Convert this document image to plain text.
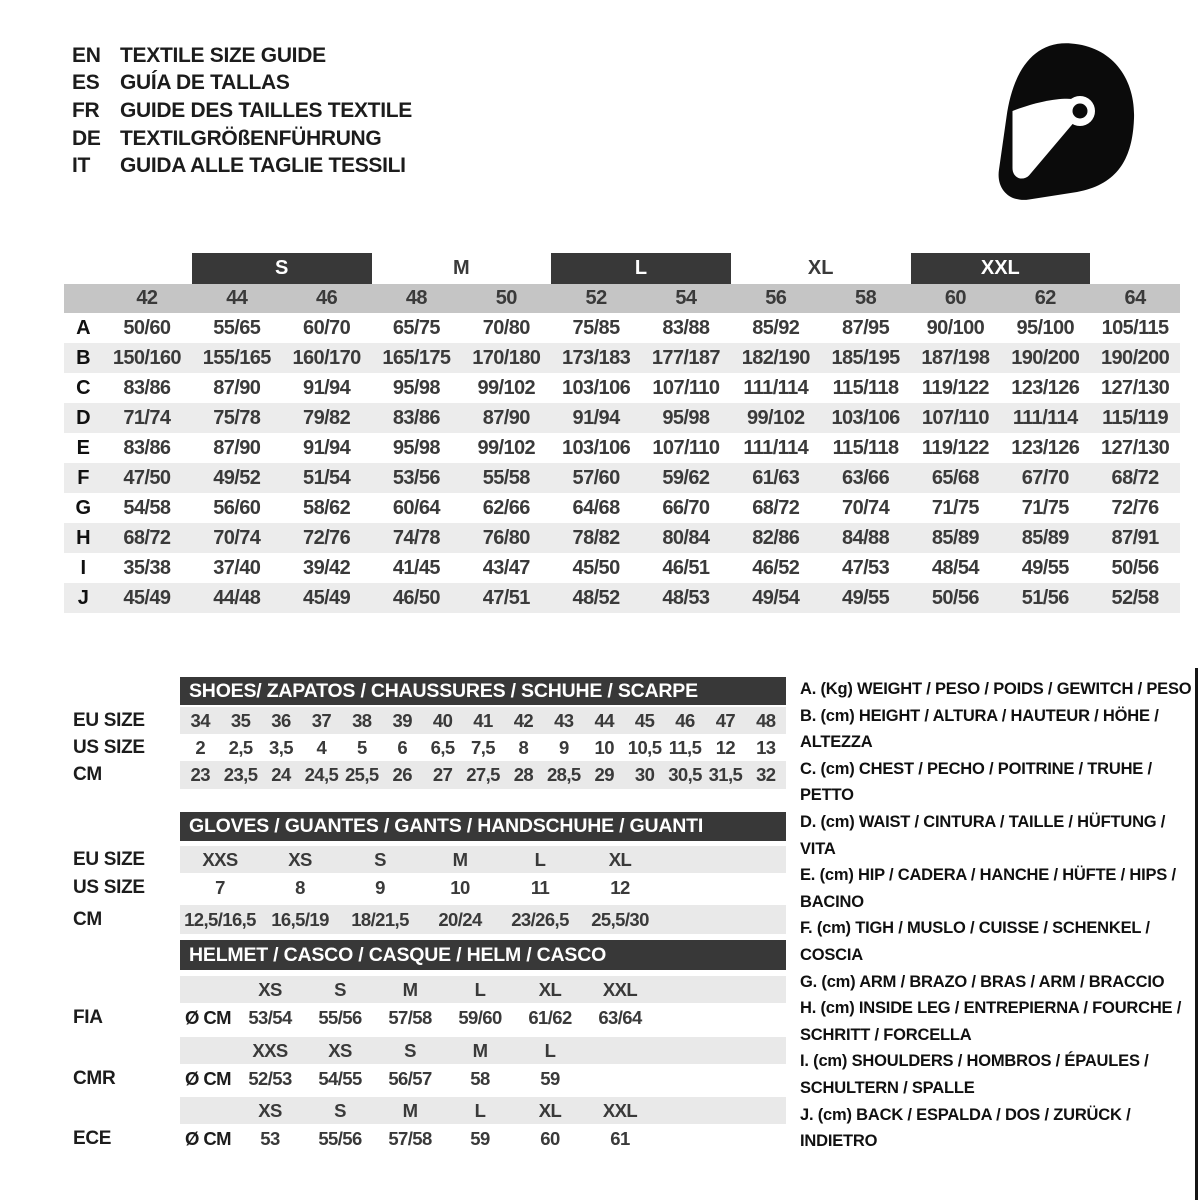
EN TEXTILE SIZE GUIDE
ES GUÍA DE TALLAS
FR GUIDE DES TAILLES TEXTILE
DE TEXTILGRÖßENFÜHRUNG
IT	GUIDA ALLE TAGLIE TESSILI
S	M	L	XL	XXL
42	44	46	48	50	52	54	56	58	60	62	64
A	50/60	55/65	60/70	65/75	70/80	75/85	83/88	85/92	87/95	90/100	95/100	105/115
B	150/160	155/165	160/170	165/175	170/180	173/183	177/187	182/190	185/195	187/198	190/200	190/200
C	83/86	87/90	91/94	95/98	99/102	103/106	107/110	111/114	115/118	119/122	123/126	127/130
D	71/74	75/78	79/82	83/86	87/90	91/94	95/98	99/102	103/106	107/110	111/114	115/119
E	83/86	87/90	91/94	95/98	99/102	103/106	107/110	111/114	115/118	119/122	123/126	127/130
F	47/50	49/52	51/54	53/56	55/58	57/60	59/62	61/63	63/66	65/68	67/70	68/72
G	54/58	56/60	58/62	60/64	62/66	64/68	66/70	68/72	70/74	71/75	71/75	72/76
H	68/72	70/74	72/76	74/78	76/80	78/82	80/84	82/86	84/88	85/89	85/89	87/91
I	35/38	37/40	39/42	41/45	43/47	45/50	46/51	46/52	47/53	48/54	49/55	50/56
J	45/49	44/48	45/49	46/50	47/51	48/52	48/53	49/54	49/55	50/56	51/56	52/58
SHOES/ ZAPATOS / CHAUSSURES / SCHUHE / SCARPE
EU SIZE	34	35	36	37	38	39	40	41	42	43	44	45	46	47	48
US SIZE	2	2,5 3,5	4	5	6	6,5 7,5	8	9	10 10,5 11,5 12	13
CM	23 23,5 24 24,5 25,5 26	27 27,5 28 28,5 29	30 30,5 31,5 32
GLOVES / GUANTES / GANTS / HANDSCHUHE / GUANTI
EU SIZE	XXS	XS	S	M	L	XL
US SIZE	7	8	9	10	11	12
CM	12,5/16,5 16,5/19	18/21,5	20/24	23/26,5	25,5/30
HELMET / CASCO / CASQUE / HELM / CASCO
XS	S	M	L	XL	XXL
FIA	Ø CM 53/54	55/56	57/58	59/60	61/62	63/64
XXS	XS	S	M	L
CMR	Ø CM 52/53	54/55	56/57	58	59
XS	S	M	L	XL	XXL
ECE	Ø CM	53	55/56	57/58	59	60	61
A. (Kg) WEIGHT / PESO / POIDS / GEWITCH / PESO
B. (cm) HEIGHT / ALTURA / HAUTEUR / HÖHE / ALTEZZA
C. (cm) CHEST / PECHO / POITRINE / TRUHE / PETTO
D. (cm) WAIST / CINTURA / TAILLE / HÜFTUNG / VITA
E. (cm) HIP / CADERA / HANCHE / HÜFTE / HIPS / BACINO
F. (cm) TIGH / MUSLO / CUISSE / SCHENKEL / COSCIA
G. (cm) ARM / BRAZO / BRAS / ARM / BRACCIO
H. (cm) INSIDE LEG / ENTREPIERNA / FOURCHE / SCHRITT / FORCELLA
I. (cm) SHOULDERS / HOMBROS / ÉPAULES / SCHULTERN / SPALLE
J. (cm) BACK / ESPALDA / DOS / ZURÜCK / INDIETRO
